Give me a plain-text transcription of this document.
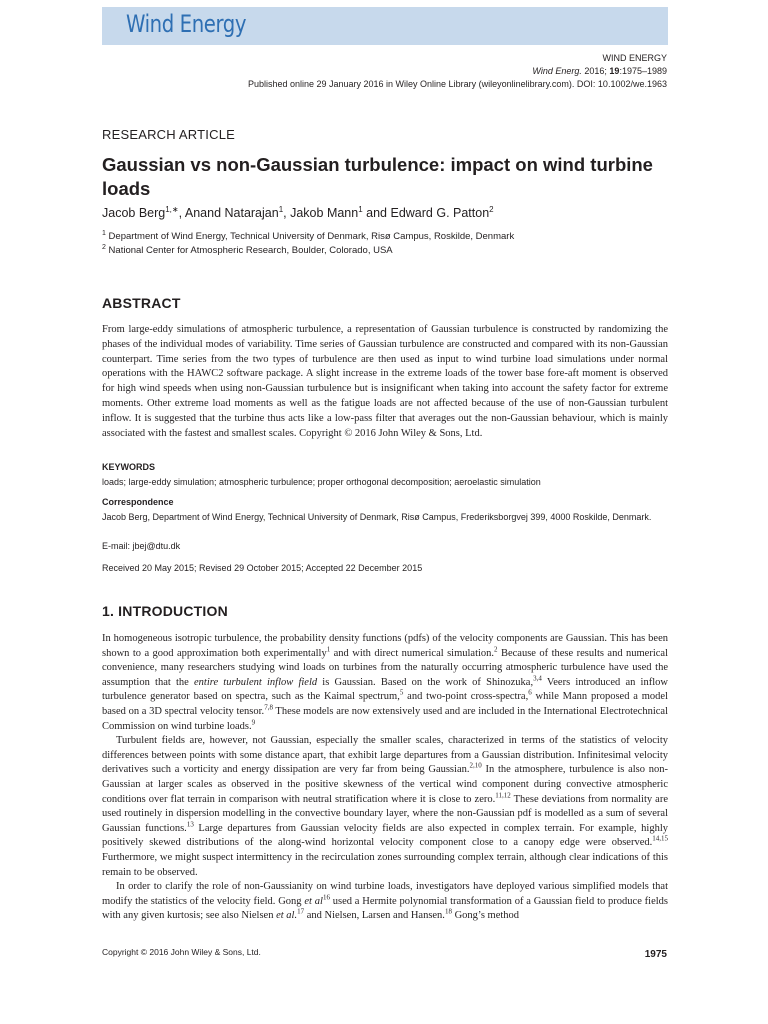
Wind Energy
WIND ENERGY
Wind Energ. 2016; 19:1975–1989
Published online 29 January 2016 in Wiley Online Library (wileyonlinelibrary.com). DOI: 10.1002/we.1963
RESEARCH ARTICLE
Gaussian vs non-Gaussian turbulence: impact on wind turbine loads
Jacob Berg$^{1,∗}$, Anand Natarajan$^1$, Jakob Mann$^1$ and Edward G. Patton$^2$
$^1$ Department of Wind Energy, Technical University of Denmark, Risø Campus, Roskilde, Denmark
$^2$ National Center for Atmospheric Research, Boulder, Colorado, USA
ABSTRACT
From large-eddy simulations of atmospheric turbulence, a representation of Gaussian turbulence is constructed by randomizing the phases of the individual modes of variability. Time series of Gaussian turbulence are constructed and compared with its non-Gaussian counterpart. Time series from the two types of turbulence are then used as input to wind turbine load simulations under normal operations with the HAWC2 software package. A slight increase in the extreme loads of the tower base fore-aft moment is observed for high wind speeds when using non-Gaussian turbulence but is insignificant when taking into account the safety factor for extreme moments. Other extreme load moments as well as the fatigue loads are not affected because of the use of non-Gaussian turbulent inflow. It is suggested that the turbine thus acts like a low-pass filter that averages out the non-Gaussian behaviour, which is mainly associated with the fastest and smallest scales. Copyright © 2016 John Wiley & Sons, Ltd.
KEYWORDS
loads; large-eddy simulation; atmospheric turbulence; proper orthogonal decomposition; aeroelastic simulation
Correspondence
Jacob Berg, Department of Wind Energy, Technical University of Denmark, Risø Campus, Frederiksborgvej 399, 4000 Roskilde, Denmark.
E-mail: jbej@dtu.dk
Received 20 May 2015; Revised 29 October 2015; Accepted 22 December 2015
1. INTRODUCTION

In homogeneous isotropic turbulence, the probability density functions (pdfs) of the velocity components are Gaussian. This has been shown to a good approximation both experimentally$^1$ and with direct numerical simulation.$^2$ Because of these results and numerical convenience, many researchers studying wind loads on turbines from the naturally occurring atmospheric turbulence have used the assumption that the entire turbulent inflow field is Gaussian. Based on the work of Shinozuka,$^{3,4}$ Veers introduced an inflow turbulence generator based on spectra, such as the Kaimal spectrum,$^5$ and two-point cross-spectra,$^6$ while Mann proposed a model based on a 3D spectral velocity tensor.$^{7,8}$ These models are now extensively used and are included in the International Electrotechnical Commission on wind turbine loads.$^9$

Turbulent fields are, however, not Gaussian, especially the smaller scales, characterized in terms of the statistics of velocity differences between points with some distance apart, that exhibit large departures from a Gaussian distribution. Infinitesimal velocity derivatives such a vorticity and energy dissipation are very far from being Gaussian.$^{2,10}$ In the atmosphere, turbulence is also non-Gaussian at larger scales as observed in the positive skewness of the vertical wind component during convective atmospheric conditions over flat terrain in comparison with neutral stratification where it is close to zero.$^{11,12}$ These deviations from normality are used routinely in dispersion modelling in the convective boundary layer, where the non-Gaussian pdf is modelled as a sum of several Gaussian functions.$^{13}$ Large departures from Gaussian velocity fields are also expected in complex terrain. For example, highly positively skewed distributions of the along-wind horizontal velocity component close to a canopy edge were observed.$^{14,15}$ Furthermore, we might suspect intermittency in the recirculation zones surrounding complex terrain, although clear indications of this remain to be observed.

In order to clarify the role of non-Gaussianity on wind turbine loads, investigators have deployed various simplified models that modify the statistics of the velocity field. Gong et $al^{16}$ used a Hermite polynomial transformation of a Gaussian field to produce fields with any given kurtosis; see also Nielsen et al.$^{17}$ and Nielsen, Larsen and Hansen.$^{18}$ Gong’s method

Copyright © 2016 John Wiley & Sons, Ltd.	1975
